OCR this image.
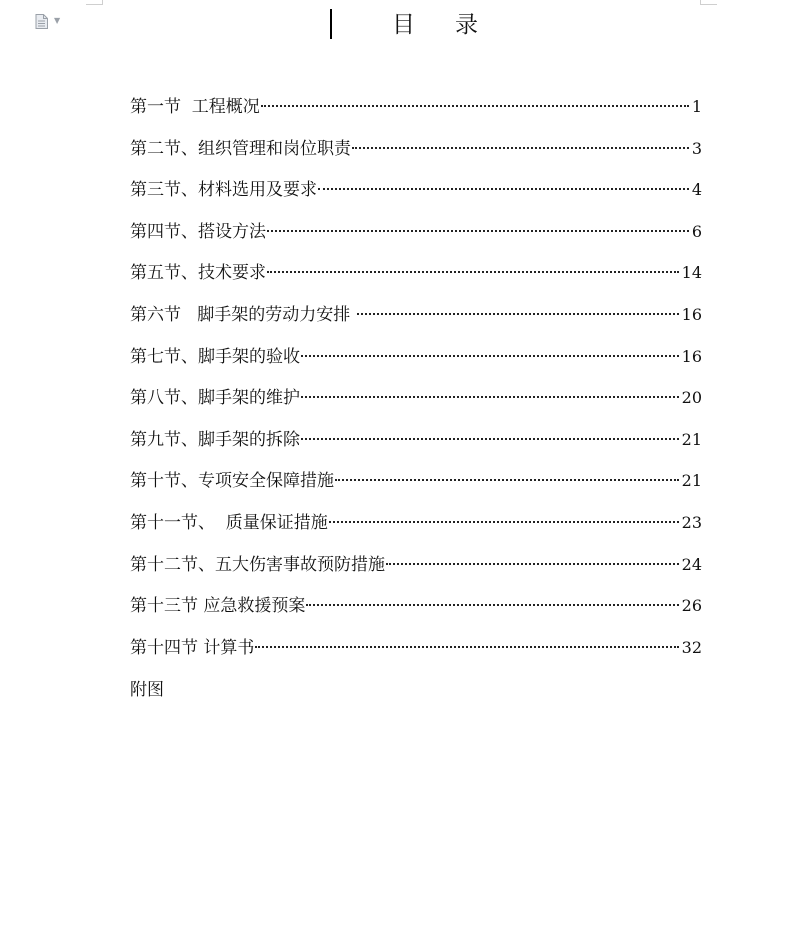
▼	目录
第一节  工程概况	1
第二节、组织管理和岗位职责	3
第三节、材料选用及要求	4
第四节、搭设方法	6
第五节、技术要求	14
第六节   脚手架的劳动力安排	16
第七节、脚手架的验收	16
第八节、脚手架的维护	20
第九节、脚手架的拆除	21
第十节、专项安全保障措施	21
第十一节、  质量保证措施	23
第十二节、五大伤害事故预防措施	24
第十三节 应急救援预案	26
第十四节 计算书	32
附图
